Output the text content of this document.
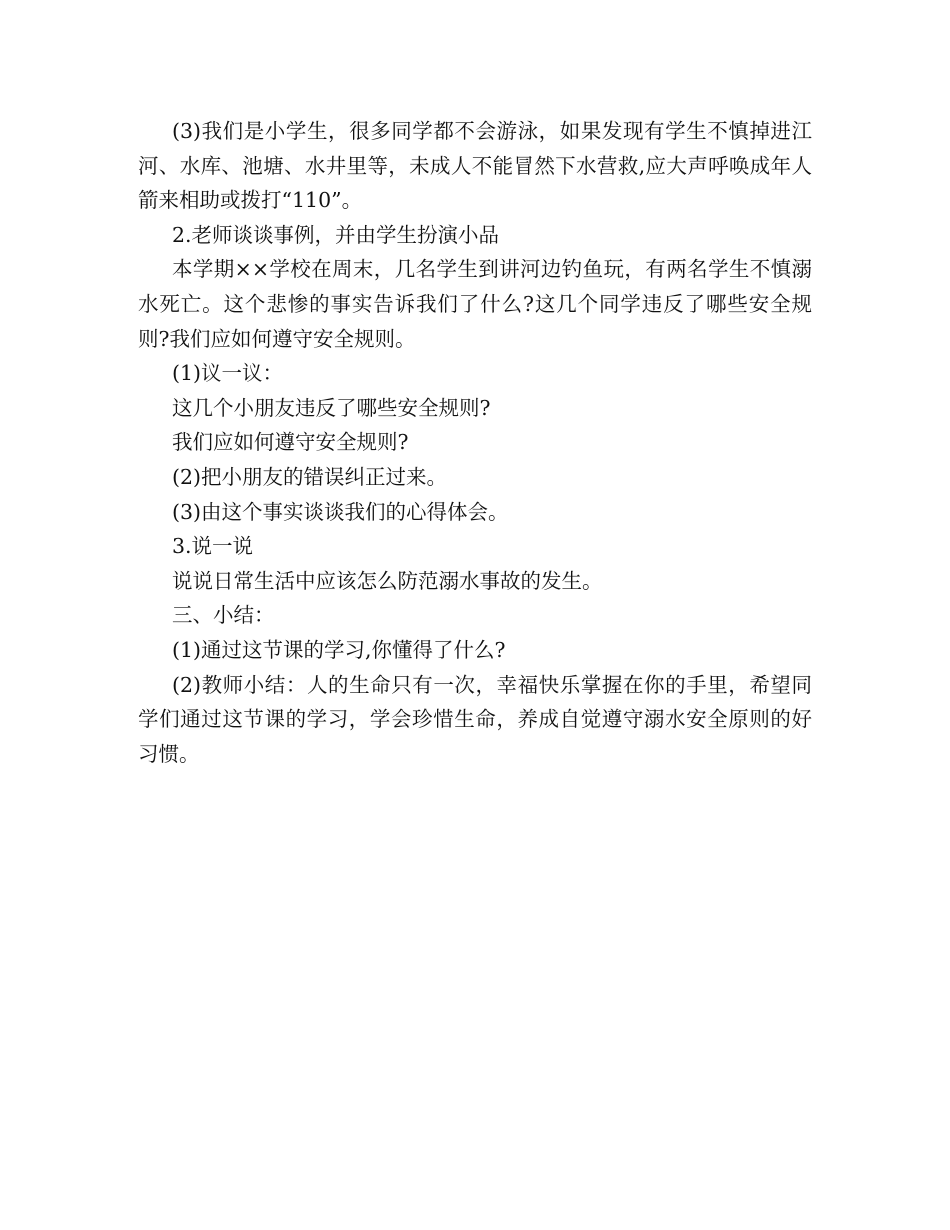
(3)我们是小学生，很多同学都不会游泳，如果发现有学生不慎掉进江河、水库、池塘、水井里等，未成人不能冒然下水营救,应大声呼唤成年人箭来相助或拨打“110”。

2.老师谈谈事例，并由学生扮演小品

本学期××学校在周末，几名学生到讲河边钓鱼玩，有两名学生不慎溺水死亡。这个悲惨的事实告诉我们了什么?这几个同学违反了哪些安全规则?我们应如何遵守安全规则。

(1)议一议：

这几个小朋友违反了哪些安全规则?

我们应如何遵守安全规则?

(2)把小朋友的错误纠正过来。

(3)由这个事实谈谈我们的心得体会。

3.说一说

说说日常生活中应该怎么防范溺水事故的发生。

三、小结：

(1)通过这节课的学习,你懂得了什么?

(2)教师小结：人的生命只有一次，幸福快乐掌握在你的手里，希望同学们通过这节课的学习，学会珍惜生命，养成自觉遵守溺水安全原则的好习惯。
